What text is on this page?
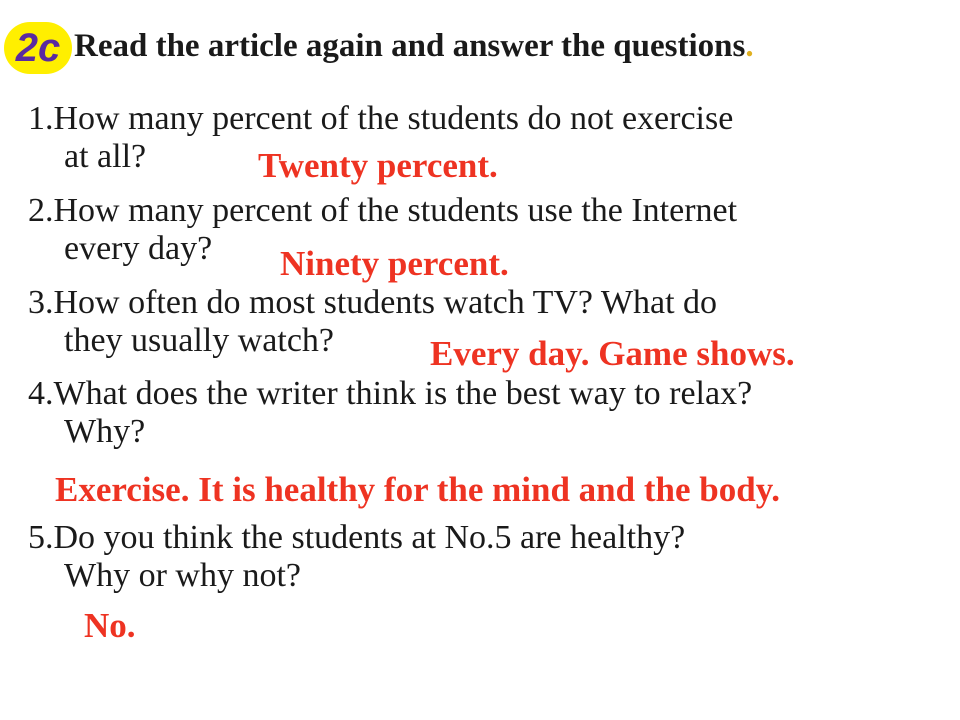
2c Read the article again and answer the questions.
1.How many percent of the students do not exercise
at all?	Twenty percent.
2.How many percent of the students use the Internet
every day?	Ninety percent.
3.How often do most students watch TV? What do
they usually watch?	Every day. Game shows.
4.What does the writer think is the best way to relax?
Why?
Exercise. It is healthy for the mind and the body.
5.Do you think the students at No.5 are healthy?
Why or why not?
No.
